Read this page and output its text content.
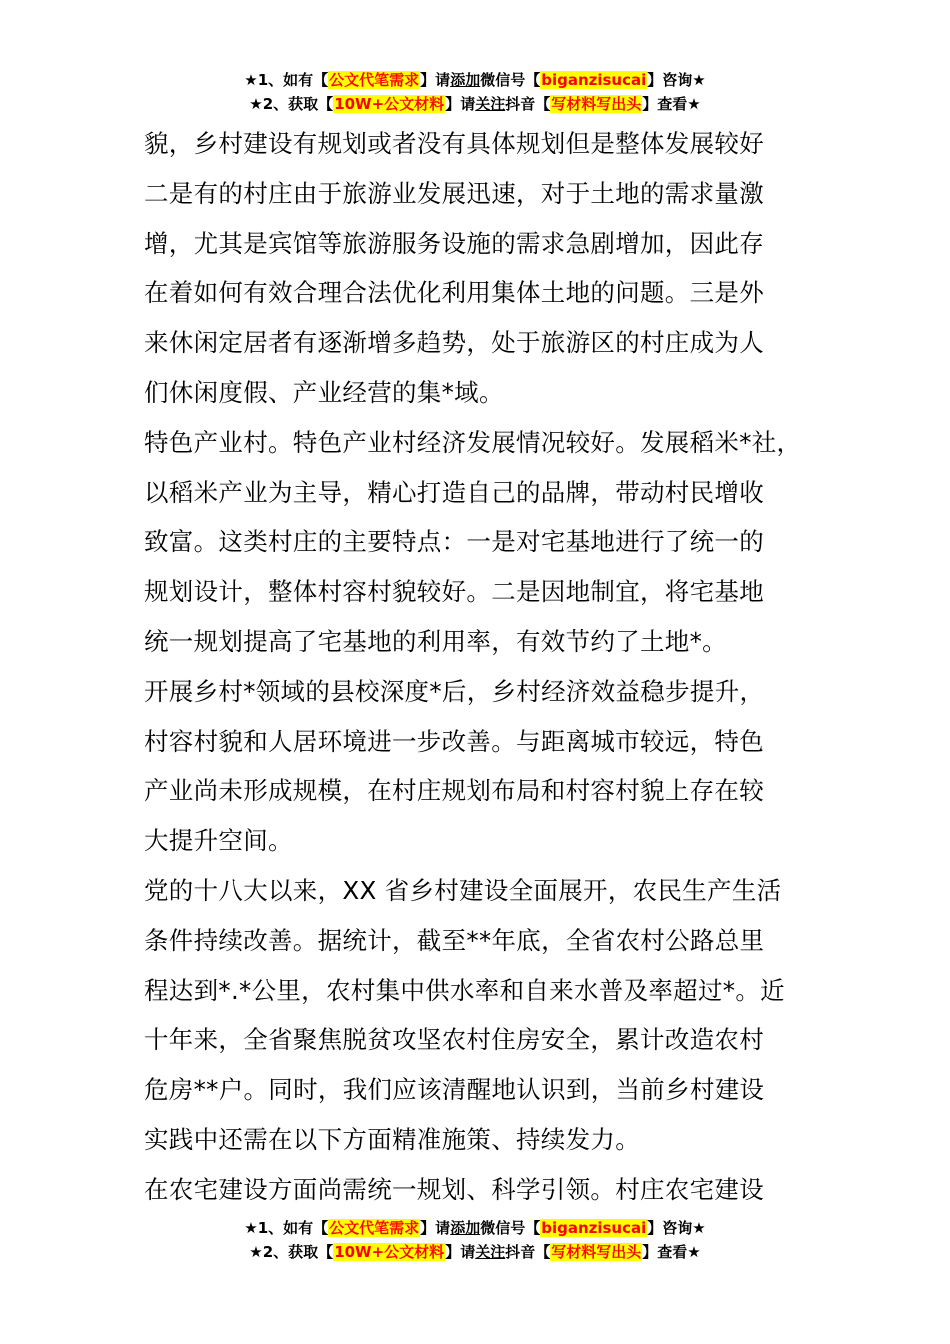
★1、如有【公文代笔需求】请添加微信号【biganzisucai】咨询★
★2、获取【10W+公文材料】请关注抖音【写材料写出头】查看★

貌，乡村建设有规划或者没有具体规划但是整体发展较好

二是有的村庄由于旅游业发展迅速，对于土地的需求量激

增，尤其是宾馆等旅游服务设施的需求急剧增加，因此存

在着如何有效合理合法优化利用集体土地的问题。三是外

来休闲定居者有逐渐增多趋势，处于旅游区的村庄成为人

们休闲度假、产业经营的集*域。

特色产业村。特色产业村经济发展情况较好。发展稻米*社，

以稻米产业为主导，精心打造自己的品牌，带动村民增收

致富。这类村庄的主要特点：一是对宅基地进行了统一的

规划设计，整体村容村貌较好。二是因地制宜，将宅基地

统一规划提高了宅基地的利用率，有效节约了土地*。

开展乡村*领域的县校深度*后，乡村经济效益稳步提升，

村容村貌和人居环境进一步改善。与距离城市较远，特色

产业尚未形成规模，在村庄规划布局和村容村貌上存在较

大提升空间。

党的十八大以来，XX 省乡村建设全面展开，农民生产生活

条件持续改善。据统计，截至**年底，全省农村公路总里

程达到*.*公里，农村集中供水率和自来水普及率超过*。近

十年来，全省聚焦脱贫攻坚农村住房安全，累计改造农村

危房**户。同时，我们应该清醒地认识到，当前乡村建设

实践中还需在以下方面精准施策、持续发力。

在农宅建设方面尚需统一规划、科学引领。村庄农宅建设

★1、如有【公文代笔需求】请添加微信号【biganzisucai】咨询★
★2、获取【10W+公文材料】请关注抖音【写材料写出头】查看★
